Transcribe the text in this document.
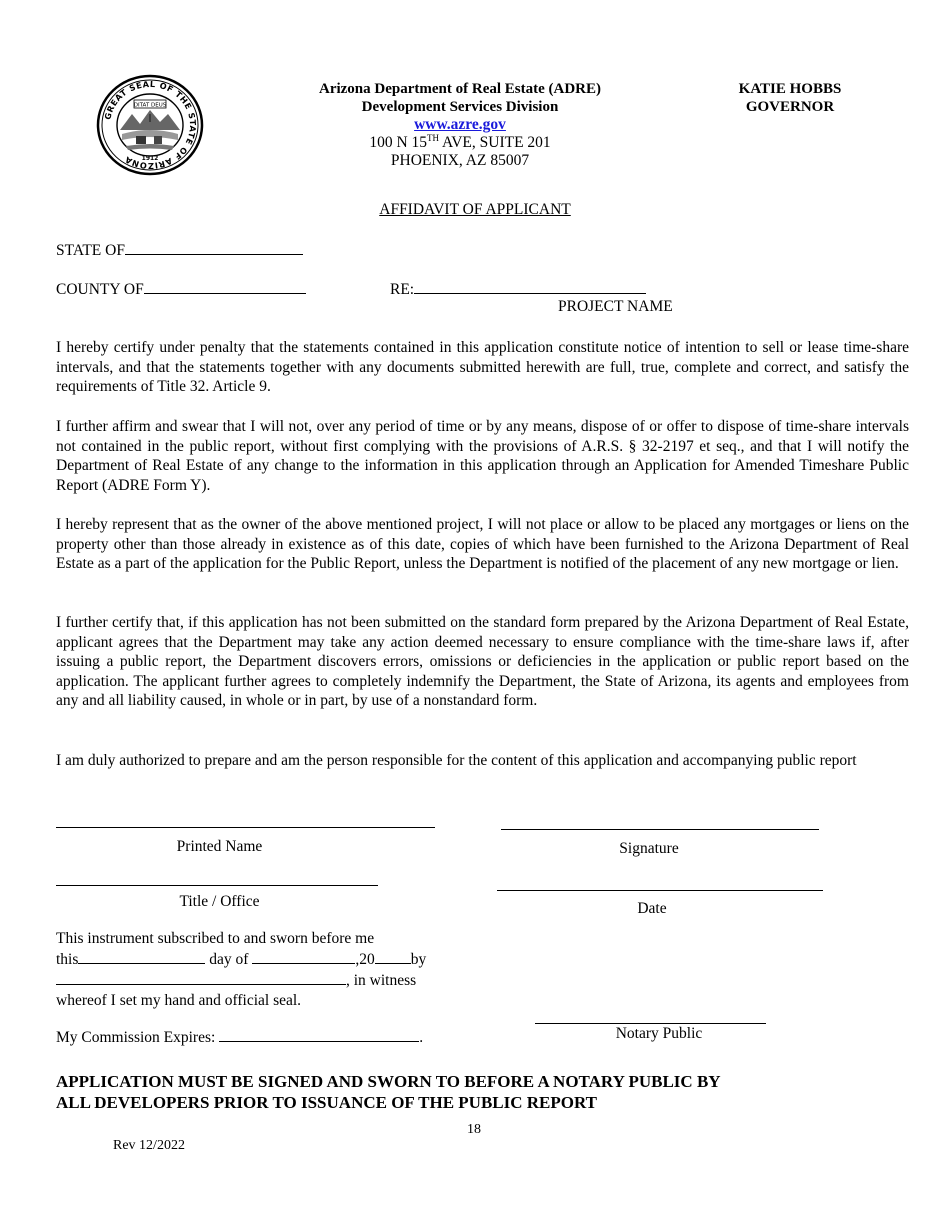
GREAT SEAL OF THE STATE OF ARIZONA
DITAT DEUS
1912
Arizona Department of Real Estate (ADRE)
Development Services Division
www.azre.gov
100 N 15TH AVE, SUITE 201
PHOENIX, AZ 85007
KATIE HOBBS
GOVERNOR
AFFIDAVIT OF APPLICANT
STATE OF
COUNTY OF	RE:
PROJECT NAME
I hereby certify under penalty that the statements contained in this application constitute notice of intention to sell or lease time-share intervals, and that the statements together with any documents submitted herewith are full, true, complete and correct, and satisfy the requirements of Title 32. Article 9.
I further affirm and swear that I will not, over any period of time or by any means, dispose of or offer to dispose of time-share intervals not contained in the public report, without first complying with the provisions of A.R.S. § 32-2197 et seq., and that I will notify the Department of Real Estate of any change to the information in this application through an Application for Amended Timeshare Public Report (ADRE Form Y).
I hereby represent that as the owner of the above mentioned project, I will not place or allow to be placed any mortgages or liens on the property other than those already in existence as of this date, copies of which have been furnished to the Arizona Department of Real Estate as a part of the application for the Public Report, unless the Department is notified of the placement of any new mortgage or lien.
I further certify that, if this application has not been submitted on the standard form prepared by the Arizona Department of Real Estate, applicant agrees that the Department may take any action deemed necessary to ensure compliance with the time-share laws if, after issuing a public report, the Department discovers errors, omissions or deficiencies in the application or public report based on the application. The applicant further agrees to completely indemnify the Department, the State of Arizona, its agents and employees from any and all liability caused, in whole or in part, by use of a nonstandard form.
I am duly authorized to prepare and am the person responsible for the content of this application and accompanying public report
Printed Name	Signature
Title / Office	Date
This instrument subscribed to and sworn before me
this	day of	,20 by
, in witness
whereof I set my hand and official seal.
My Commission Expires:	.	Notary Public
APPLICATION MUST BE SIGNED AND SWORN TO BEFORE A NOTARY PUBLIC BY
ALL DEVELOPERS PRIOR TO ISSUANCE OF THE PUBLIC REPORT
18
Rev 12/2022
